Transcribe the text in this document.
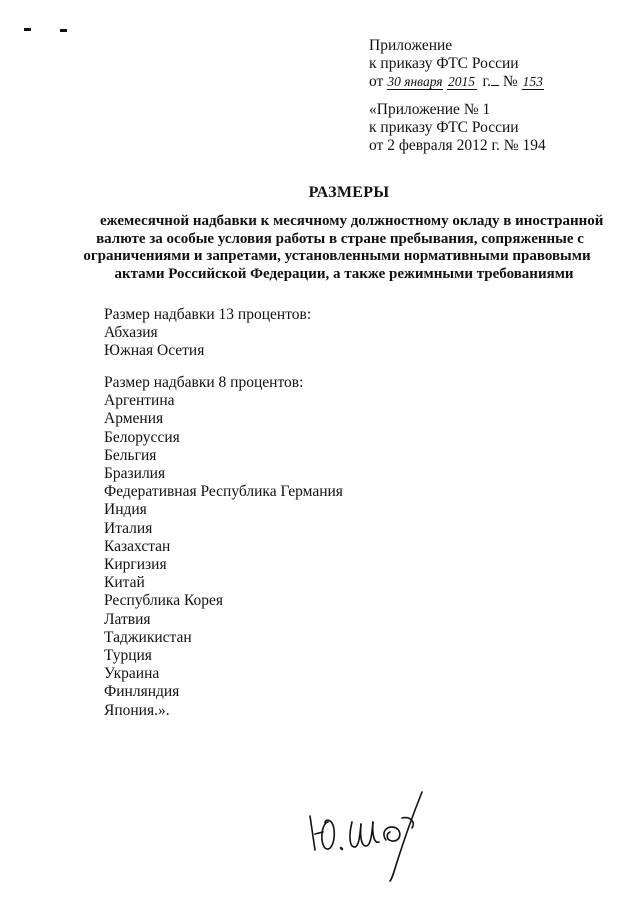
Приложение
к приказу ФТС России
от 30 января 2015 г. № 153
«Приложение № 1
к приказу ФТС России
от 2 февраля 2012 г. № 194
РАЗМЕРЫ
ежемесячной надбавки к месячному должностному окладу в иностранной
валюте за особые условия работы в стране пребывания, сопряженные с
ограничениями и запретами, установленными нормативными правовыми
актами Российской Федерации, а также режимными требованиями
Размер надбавки 13 процентов:
Абхазия
Южная Осетия
Размер надбавки 8 процентов:
Аргентина
Армения
Белоруссия
Бельгия
Бразилия
Федеративная Республика Германия
Индия
Италия
Казахстан
Киргизия
Китай
Республика Корея
Латвия
Таджикистан
Турция
Украина
Финляндия
Япония.».
